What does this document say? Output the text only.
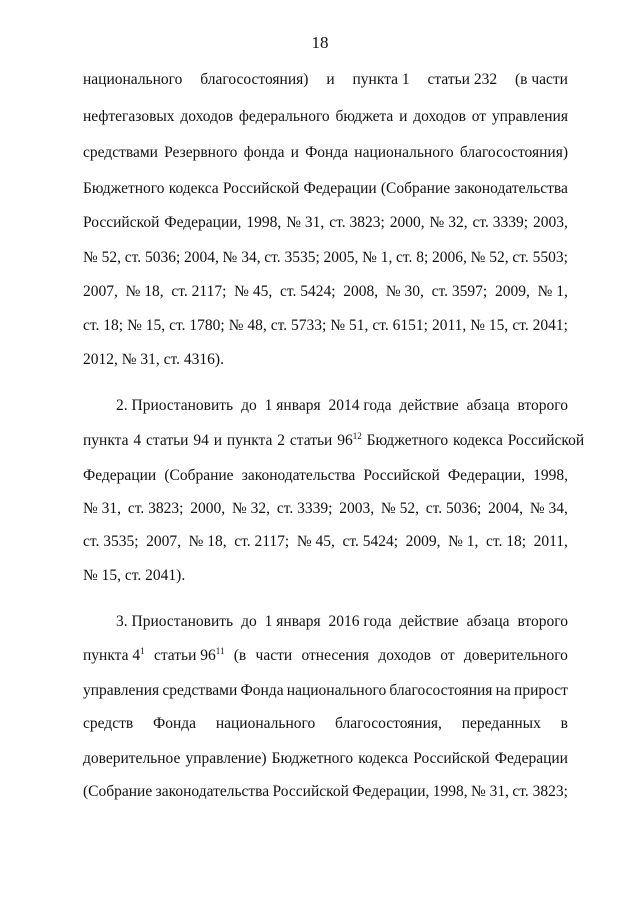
18
национального благосостояния) и пункта 1 статьи 232 (в части
нефтегазовых доходов федерального бюджета и доходов от управления
средствами Резервного фонда и Фонда национального благосостояния)
Бюджетного кодекса Российской Федерации (Собрание законодательства
Российской Федерации, 1998, № 31, ст. 3823; 2000, № 32, ст. 3339; 2003,
№ 52, ст. 5036; 2004, № 34, ст. 3535; 2005, № 1, ст. 8; 2006, № 52, ст. 5503;
2007, № 18, ст. 2117; № 45, ст. 5424; 2008, № 30, ст. 3597; 2009, № 1,
ст. 18; № 15, ст. 1780; № 48, ст. 5733; № 51, ст. 6151; 2011, № 15, ст. 2041;
2012, № 31, ст. 4316).
2. Приостановить до 1 января 2014 года действие абзаца второго
пункта 4 статьи 94 и пункта 2 статьи $96^{12}$ Бюджетного кодекса Российской
Федерации (Собрание законодательства Российской Федерации, 1998,
№ 31, ст. 3823; 2000, № 32, ст. 3339; 2003, № 52, ст. 5036; 2004, № 34,
ст. 3535; 2007, № 18, ст. 2117; № 45, ст. 5424; 2009, № 1, ст. 18; 2011,
№ 15, ст. 2041).
3. Приостановить до 1 января 2016 года действие абзаца второго
пункта $4^1$ статьи $96^{11}$ (в части отнесения доходов от доверительного
управления средствами Фонда национального благосостояния на прирост
средств Фонда национального благосостояния, переданных в
доверительное управление) Бюджетного кодекса Российской Федерации
(Собрание законодательства Российской Федерации, 1998, № 31, ст. 3823;
